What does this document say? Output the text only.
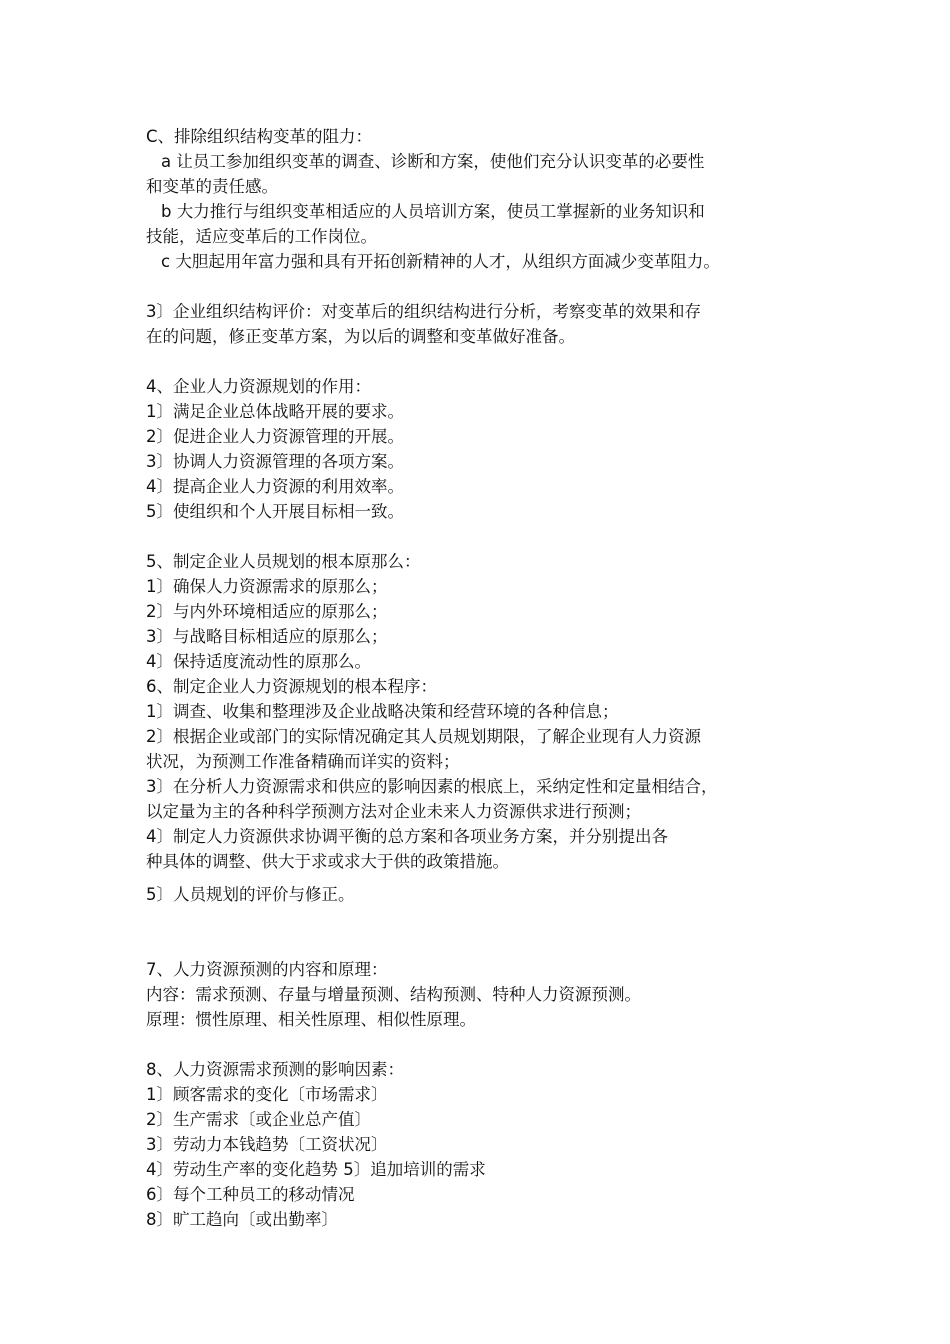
C、排除组织结构变革的阻力：
a 让员工参加组织变革的调查、诊断和方案，使他们充分认识变革的必要性
和变革的责任感。
b 大力推行与组织变革相适应的人员培训方案，使员工掌握新的业务知识和
技能，适应变革后的工作岗位。
c 大胆起用年富力强和具有开拓创新精神的人才，从组织方面减少变革阻力。
3〕企业组织结构评价：对变革后的组织结构进行分析，考察变革的效果和存
在的问题，修正变革方案，为以后的调整和变革做好准备。
4、企业人力资源规划的作用：
1〕满足企业总体战略开展的要求。
2〕促进企业人力资源管理的开展。
3〕协调人力资源管理的各项方案。
4〕提高企业人力资源的利用效率。
5〕使组织和个人开展目标相一致。
5、制定企业人员规划的根本原那么：
1〕确保人力资源需求的原那么；
2〕与内外环境相适应的原那么；
3〕与战略目标相适应的原那么；
4〕保持适度流动性的原那么。
6、制定企业人力资源规划的根本程序：
1〕调查、收集和整理涉及企业战略决策和经营环境的各种信息；
2〕根据企业或部门的实际情况确定其人员规划期限，了解企业现有人力资源
状况，为预测工作准备精确而详实的资料；
3〕在分析人力资源需求和供应的影响因素的根底上，采纳定性和定量相结合，
以定量为主的各种科学预测方法对企业未来人力资源供求进行预测；
4〕制定人力资源供求协调平衡的总方案和各项业务方案，并分别提出各
种具体的调整、供大于求或求大于供的政策措施。
5〕人员规划的评价与修正。
7、人力资源预测的内容和原理：
内容：需求预测、存量与增量预测、结构预测、特种人力资源预测。
原理：惯性原理、相关性原理、相似性原理。
8、人力资源需求预测的影响因素：
1〕顾客需求的变化〔市场需求〕
2〕生产需求〔或企业总产值〕
3〕劳动力本钱趋势〔工资状况〕
4〕劳动生产率的变化趋势 5〕追加培训的需求
6〕每个工种员工的移动情况
8〕旷工趋向〔或出勤率〕
